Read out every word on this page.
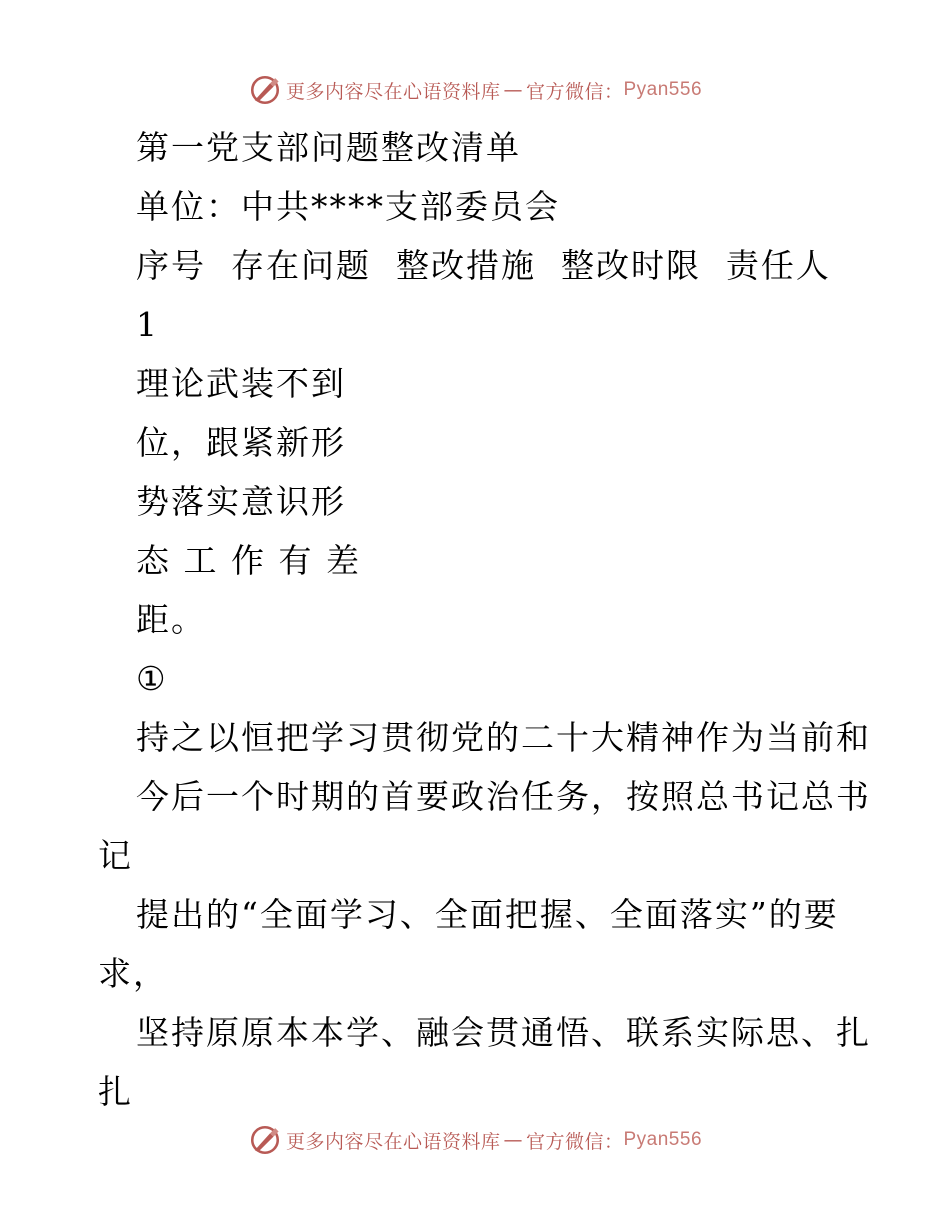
更多内容尽在心语资料库 — 官方微信： Pyan556
第一党支部问题整改清单
单位：中共****支部委员会
序号  存在问题  整改措施  整改时限  责任人
1
理论武装不到
位，跟紧新形
势落实意识形
态 工 作 有 差
距。
①
持之以恒把学习贯彻党的二十大精神作为当前和
今后一个时期的首要政治任务，按照总书记总书
记
提出的“全面学习、全面把握、全面落实”的要
求，
坚持原原本本学、融会贯通悟、联系实际思、扎
扎
更多内容尽在心语资料库 — 官方微信： Pyan556
